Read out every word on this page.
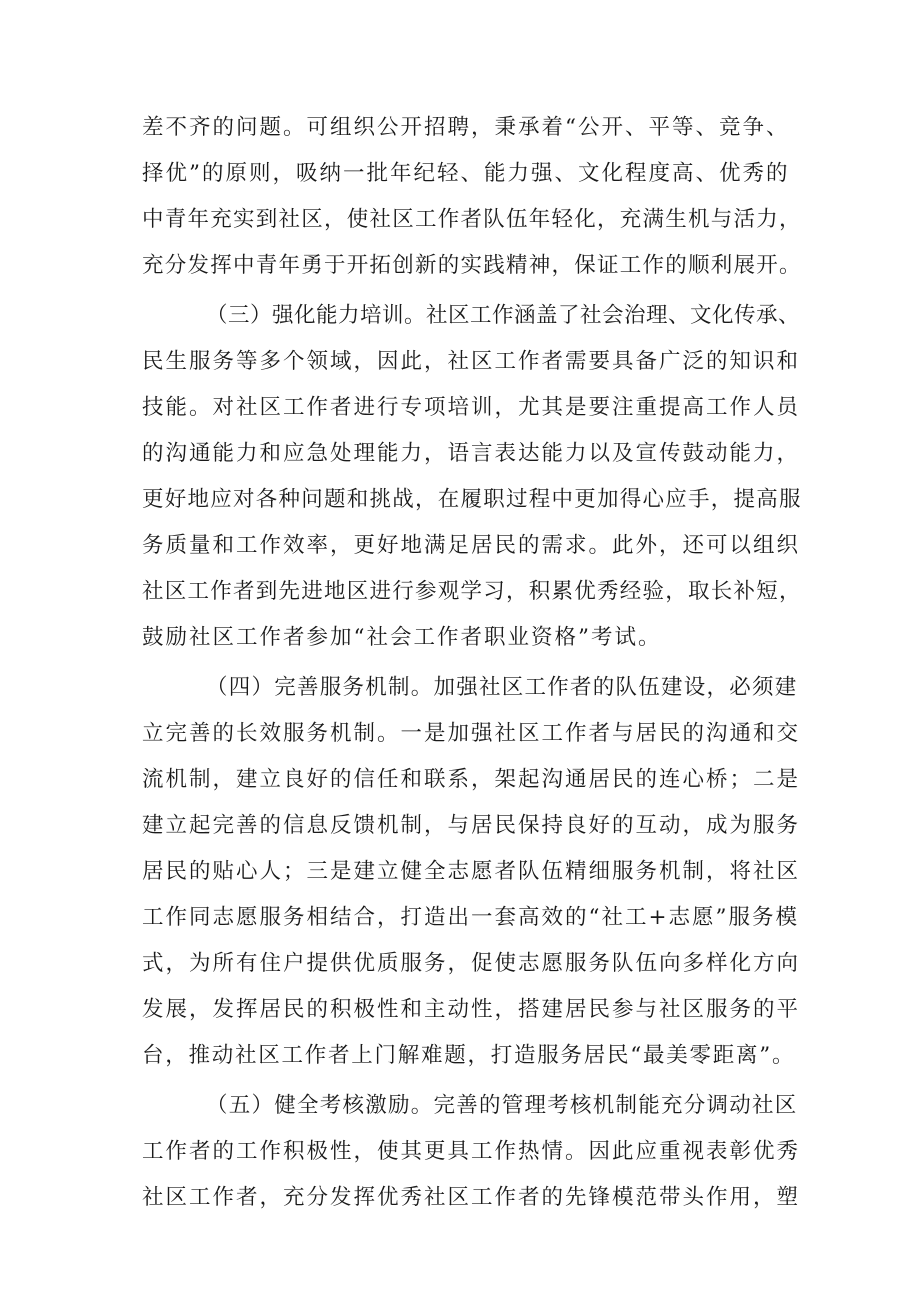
差不齐的问题。可组织公开招聘，秉承着“公开、平等、竞争、
择优”的原则，吸纳一批年纪轻、能力强、文化程度高、优秀的
中青年充实到社区，使社区工作者队伍年轻化，充满生机与活力，
充分发挥中青年勇于开拓创新的实践精神，保证工作的顺利展开。
（三）强化能力培训。社区工作涵盖了社会治理、文化传承、
民生服务等多个领域，因此，社区工作者需要具备广泛的知识和
技能。对社区工作者进行专项培训，尤其是要注重提高工作人员
的沟通能力和应急处理能力，语言表达能力以及宣传鼓动能力，
更好地应对各种问题和挑战，在履职过程中更加得心应手，提高服
务质量和工作效率，更好地满足居民的需求。此外，还可以组织
社区工作者到先进地区进行参观学习，积累优秀经验，取长补短，
鼓励社区工作者参加“社会工作者职业资格”考试。
（四）完善服务机制。加强社区工作者的队伍建设，必须建
立完善的长效服务机制。一是加强社区工作者与居民的沟通和交
流机制，建立良好的信任和联系，架起沟通居民的连心桥；二是
建立起完善的信息反馈机制，与居民保持良好的互动，成为服务
居民的贴心人；三是建立健全志愿者队伍精细服务机制，将社区
工作同志愿服务相结合，打造出一套高效的“社工+志愿”服务模
式，为所有住户提供优质服务，促使志愿服务队伍向多样化方向
发展，发挥居民的积极性和主动性，搭建居民参与社区服务的平
台，推动社区工作者上门解难题，打造服务居民“最美零距离”。
（五）健全考核激励。完善的管理考核机制能充分调动社区
工作者的工作积极性，使其更具工作热情。因此应重视表彰优秀
社区工作者，充分发挥优秀社区工作者的先锋模范带头作用，塑
